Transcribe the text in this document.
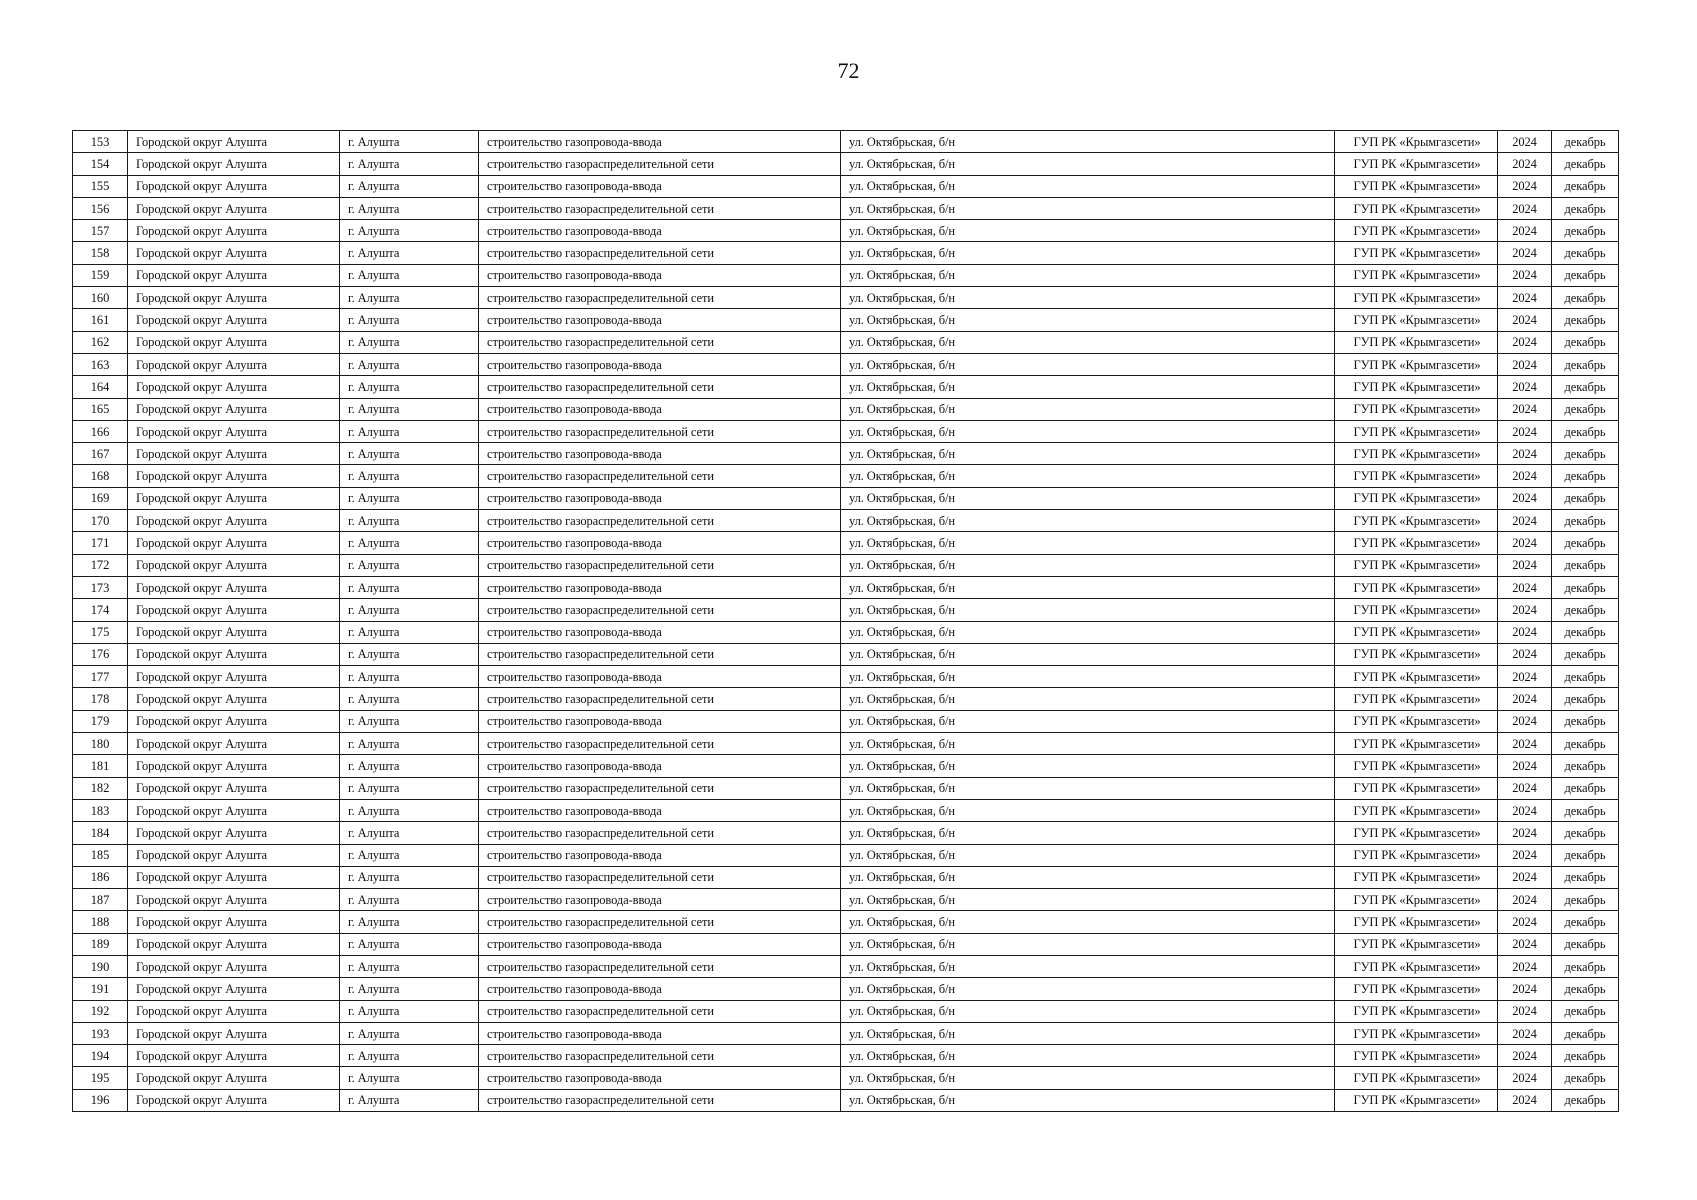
72
153	Городской округ Алушта	г. Алушта	строительство газопровода-ввода	ул. Октябрьская, б/н	ГУП РК «Крымгазсети»	2024	декабрь
154	Городской округ Алушта	г. Алушта	строительство газораспределительной сети	ул. Октябрьская, б/н	ГУП РК «Крымгазсети»	2024	декабрь
155	Городской округ Алушта	г. Алушта	строительство газопровода-ввода	ул. Октябрьская, б/н	ГУП РК «Крымгазсети»	2024	декабрь
156	Городской округ Алушта	г. Алушта	строительство газораспределительной сети	ул. Октябрьская, б/н	ГУП РК «Крымгазсети»	2024	декабрь
157	Городской округ Алушта	г. Алушта	строительство газопровода-ввода	ул. Октябрьская, б/н	ГУП РК «Крымгазсети»	2024	декабрь
158	Городской округ Алушта	г. Алушта	строительство газораспределительной сети	ул. Октябрьская, б/н	ГУП РК «Крымгазсети»	2024	декабрь
159	Городской округ Алушта	г. Алушта	строительство газопровода-ввода	ул. Октябрьская, б/н	ГУП РК «Крымгазсети»	2024	декабрь
160	Городской округ Алушта	г. Алушта	строительство газораспределительной сети	ул. Октябрьская, б/н	ГУП РК «Крымгазсети»	2024	декабрь
161	Городской округ Алушта	г. Алушта	строительство газопровода-ввода	ул. Октябрьская, б/н	ГУП РК «Крымгазсети»	2024	декабрь
162	Городской округ Алушта	г. Алушта	строительство газораспределительной сети	ул. Октябрьская, б/н	ГУП РК «Крымгазсети»	2024	декабрь
163	Городской округ Алушта	г. Алушта	строительство газопровода-ввода	ул. Октябрьская, б/н	ГУП РК «Крымгазсети»	2024	декабрь
164	Городской округ Алушта	г. Алушта	строительство газораспределительной сети	ул. Октябрьская, б/н	ГУП РК «Крымгазсети»	2024	декабрь
165	Городской округ Алушта	г. Алушта	строительство газопровода-ввода	ул. Октябрьская, б/н	ГУП РК «Крымгазсети»	2024	декабрь
166	Городской округ Алушта	г. Алушта	строительство газораспределительной сети	ул. Октябрьская, б/н	ГУП РК «Крымгазсети»	2024	декабрь
167	Городской округ Алушта	г. Алушта	строительство газопровода-ввода	ул. Октябрьская, б/н	ГУП РК «Крымгазсети»	2024	декабрь
168	Городской округ Алушта	г. Алушта	строительство газораспределительной сети	ул. Октябрьская, б/н	ГУП РК «Крымгазсети»	2024	декабрь
169	Городской округ Алушта	г. Алушта	строительство газопровода-ввода	ул. Октябрьская, б/н	ГУП РК «Крымгазсети»	2024	декабрь
170	Городской округ Алушта	г. Алушта	строительство газораспределительной сети	ул. Октябрьская, б/н	ГУП РК «Крымгазсети»	2024	декабрь
171	Городской округ Алушта	г. Алушта	строительство газопровода-ввода	ул. Октябрьская, б/н	ГУП РК «Крымгазсети»	2024	декабрь
172	Городской округ Алушта	г. Алушта	строительство газораспределительной сети	ул. Октябрьская, б/н	ГУП РК «Крымгазсети»	2024	декабрь
173	Городской округ Алушта	г. Алушта	строительство газопровода-ввода	ул. Октябрьская, б/н	ГУП РК «Крымгазсети»	2024	декабрь
174	Городской округ Алушта	г. Алушта	строительство газораспределительной сети	ул. Октябрьская, б/н	ГУП РК «Крымгазсети»	2024	декабрь
175	Городской округ Алушта	г. Алушта	строительство газопровода-ввода	ул. Октябрьская, б/н	ГУП РК «Крымгазсети»	2024	декабрь
176	Городской округ Алушта	г. Алушта	строительство газораспределительной сети	ул. Октябрьская, б/н	ГУП РК «Крымгазсети»	2024	декабрь
177	Городской округ Алушта	г. Алушта	строительство газопровода-ввода	ул. Октябрьская, б/н	ГУП РК «Крымгазсети»	2024	декабрь
178	Городской округ Алушта	г. Алушта	строительство газораспределительной сети	ул. Октябрьская, б/н	ГУП РК «Крымгазсети»	2024	декабрь
179	Городской округ Алушта	г. Алушта	строительство газопровода-ввода	ул. Октябрьская, б/н	ГУП РК «Крымгазсети»	2024	декабрь
180	Городской округ Алушта	г. Алушта	строительство газораспределительной сети	ул. Октябрьская, б/н	ГУП РК «Крымгазсети»	2024	декабрь
181	Городской округ Алушта	г. Алушта	строительство газопровода-ввода	ул. Октябрьская, б/н	ГУП РК «Крымгазсети»	2024	декабрь
182	Городской округ Алушта	г. Алушта	строительство газораспределительной сети	ул. Октябрьская, б/н	ГУП РК «Крымгазсети»	2024	декабрь
183	Городской округ Алушта	г. Алушта	строительство газопровода-ввода	ул. Октябрьская, б/н	ГУП РК «Крымгазсети»	2024	декабрь
184	Городской округ Алушта	г. Алушта	строительство газораспределительной сети	ул. Октябрьская, б/н	ГУП РК «Крымгазсети»	2024	декабрь
185	Городской округ Алушта	г. Алушта	строительство газопровода-ввода	ул. Октябрьская, б/н	ГУП РК «Крымгазсети»	2024	декабрь
186	Городской округ Алушта	г. Алушта	строительство газораспределительной сети	ул. Октябрьская, б/н	ГУП РК «Крымгазсети»	2024	декабрь
187	Городской округ Алушта	г. Алушта	строительство газопровода-ввода	ул. Октябрьская, б/н	ГУП РК «Крымгазсети»	2024	декабрь
188	Городской округ Алушта	г. Алушта	строительство газораспределительной сети	ул. Октябрьская, б/н	ГУП РК «Крымгазсети»	2024	декабрь
189	Городской округ Алушта	г. Алушта	строительство газопровода-ввода	ул. Октябрьская, б/н	ГУП РК «Крымгазсети»	2024	декабрь
190	Городской округ Алушта	г. Алушта	строительство газораспределительной сети	ул. Октябрьская, б/н	ГУП РК «Крымгазсети»	2024	декабрь
191	Городской округ Алушта	г. Алушта	строительство газопровода-ввода	ул. Октябрьская, б/н	ГУП РК «Крымгазсети»	2024	декабрь
192	Городской округ Алушта	г. Алушта	строительство газораспределительной сети	ул. Октябрьская, б/н	ГУП РК «Крымгазсети»	2024	декабрь
193	Городской округ Алушта	г. Алушта	строительство газопровода-ввода	ул. Октябрьская, б/н	ГУП РК «Крымгазсети»	2024	декабрь
194	Городской округ Алушта	г. Алушта	строительство газораспределительной сети	ул. Октябрьская, б/н	ГУП РК «Крымгазсети»	2024	декабрь
195	Городской округ Алушта	г. Алушта	строительство газопровода-ввода	ул. Октябрьская, б/н	ГУП РК «Крымгазсети»	2024	декабрь
196	Городской округ Алушта	г. Алушта	строительство газораспределительной сети	ул. Октябрьская, б/н	ГУП РК «Крымгазсети»	2024	декабрь
